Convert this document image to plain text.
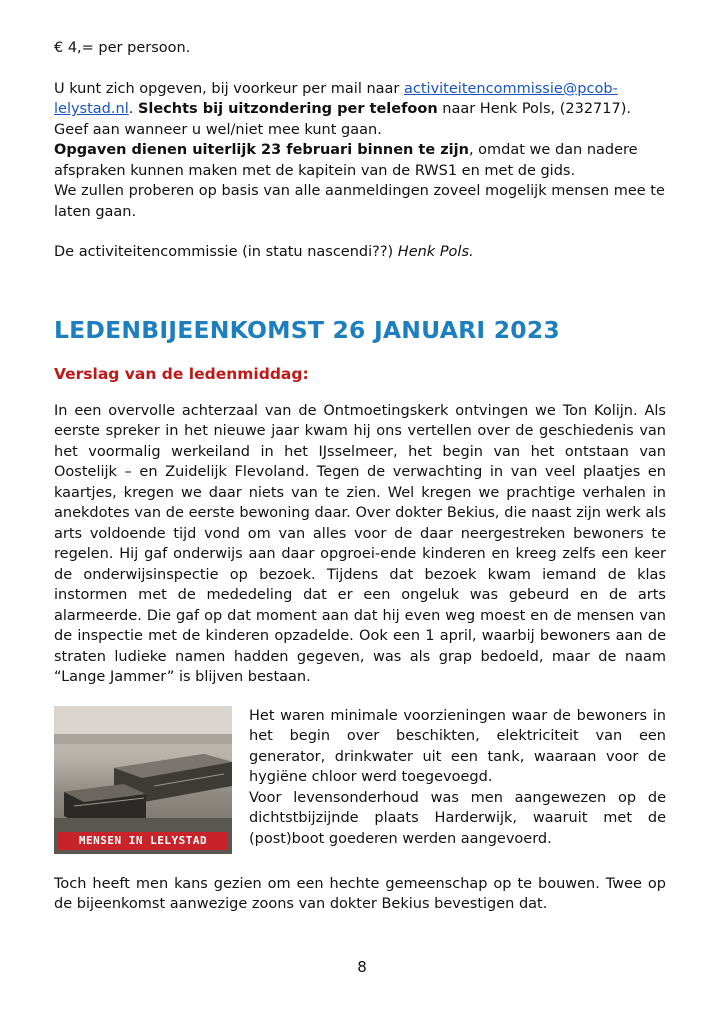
€ 4,= per persoon.

U kunt zich opgeven, bij voorkeur per mail naar activiteitencommissie@pcob-lelystad.nl. Slechts bij uitzondering per telefoon naar Henk Pols, (232717). Geef aan wanneer u wel/niet mee kunt gaan.

Opgaven dienen uiterlijk 23 februari binnen te zijn, omdat we dan nadere afspraken kunnen maken met de kapitein van de RWS1 en met de gids.

We zullen proberen op basis van alle aanmeldingen zoveel mogelijk mensen mee te laten gaan.

De activiteitencommissie (in statu nascendi??) Henk Pols.

LEDENBIJEENKOMST 26 JANUARI 2023
Verslag van de ledenmiddag:

In een overvolle achterzaal van de Ontmoetingskerk ontvingen we Ton Kolijn. Als eerste spreker in het nieuwe jaar kwam hij ons vertellen over de geschiedenis van het voormalig werkeiland in het IJsselmeer, het begin van het ontstaan van Oostelijk – en Zuidelijk Flevoland. Tegen de verwachting in van veel plaatjes en kaartjes, kregen we daar niets van te zien. Wel kregen we prachtige verhalen in anekdotes van de eerste bewoning daar. Over dokter Bekius, die naast zijn werk als arts voldoende tijd vond om van alles voor de daar neergestreken bewoners te regelen. Hij gaf onderwijs aan daar opgroei-ende kinderen en kreeg zelfs een keer de onderwijsinspectie op bezoek. Tijdens dat bezoek kwam iemand de klas instormen met de mededeling dat er een ongeluk was gebeurd en de arts alarmeerde. Die gaf op dat moment aan dat hij even weg moest en de mensen van de inspectie met de kinderen opzadelde. Ook een 1 april, waarbij bewoners aan de straten ludieke namen hadden gegeven, was als grap bedoeld, maar de naam “Lange Jammer” is blijven bestaan.

MENSEN IN LELYSTAD

Het waren minimale voorzieningen waar de bewoners in het begin over beschikten, elektriciteit van een generator, drinkwater uit een tank, waaraan voor de hygiëne chloor werd toegevoegd.

Voor levensonderhoud was men aangewezen op de dichtstbijzijnde plaats Harderwijk, waaruit met de (post)boot goederen werden aangevoerd.

Toch heeft men kans gezien om een hechte gemeenschap op te bouwen. Twee op de bijeenkomst aanwezige zoons van dokter Bekius bevestigen dat.

8
